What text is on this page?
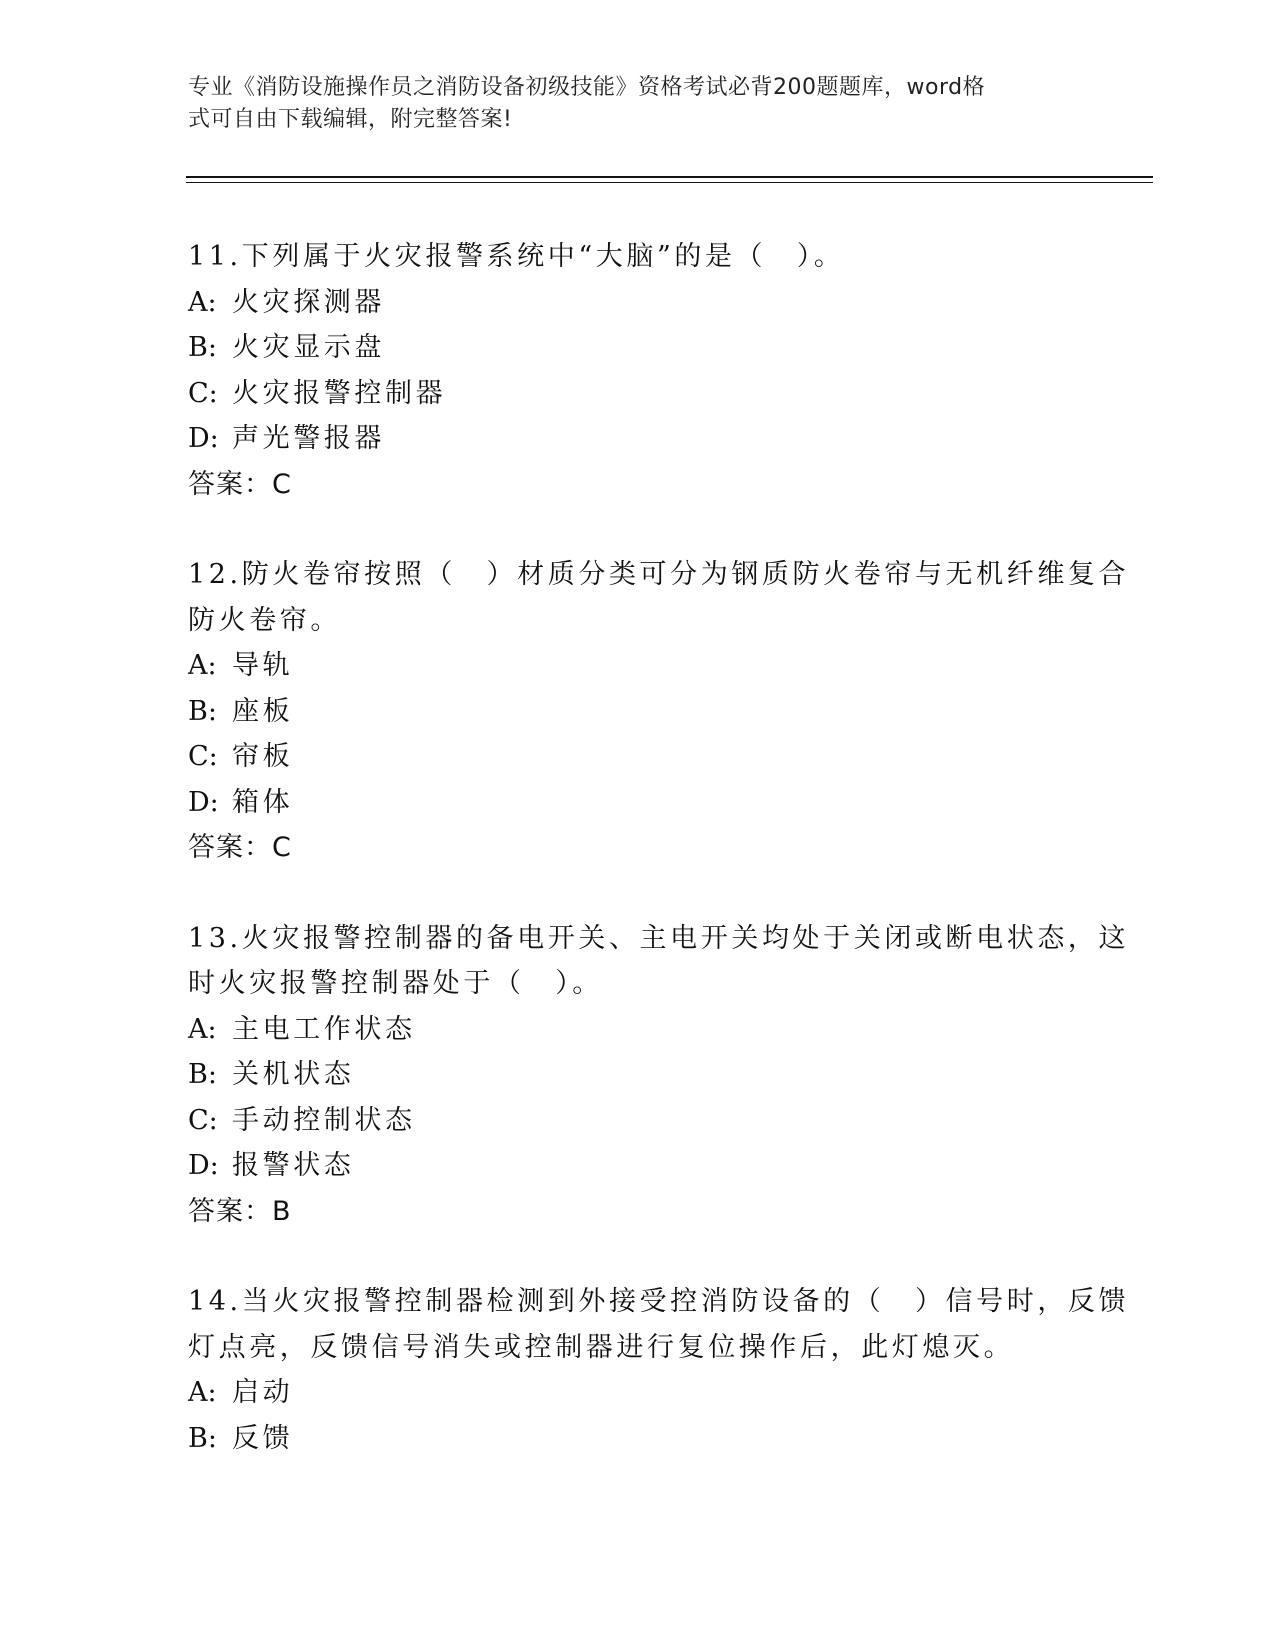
专业《消防设施操作员之消防设备初级技能》资格考试必背200题题库，word格
式可自由下载编辑，附完整答案!
11.下列属于火灾报警系统中“大脑”的是（　）。
A: 火灾探测器
B: 火灾显示盘
C: 火灾报警控制器
D: 声光警报器
答案：C
12.防火卷帘按照（　）材质分类可分为钢质防火卷帘与无机纤维复合
防火卷帘。
A: 导轨
B: 座板
C: 帘板
D: 箱体
答案：C
13.火灾报警控制器的备电开关、主电开关均处于关闭或断电状态，这
时火灾报警控制器处于（　）。
A: 主电工作状态
B: 关机状态
C: 手动控制状态
D: 报警状态
答案：B
14.当火灾报警控制器检测到外接受控消防设备的（　）信号时，反馈
灯点亮，反馈信号消失或控制器进行复位操作后，此灯熄灭。
A: 启动
B: 反馈
